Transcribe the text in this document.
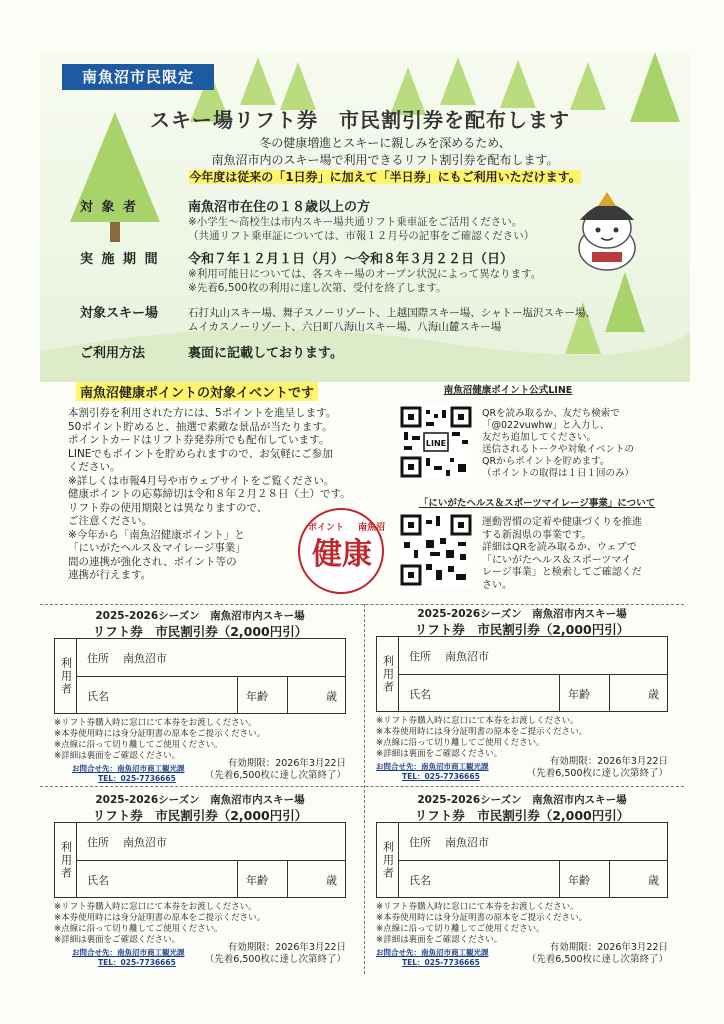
南魚沼市民限定
スキー場リフト券　市民割引券を配布します
冬の健康増進とスキーに親しみを深めるため、
南魚沼市内のスキー場で利用できるリフト割引券を配布します。
今年度は従来の「1日券」に加えて「半日券」にもご利用いただけます。
対 象 者	南魚沼市在住の１８歳以上の方
※小学生～高校生は市内スキー場共通リフト乗車証をご活用ください。
（共通リフト乗車証については、市報１２月号の記事をご確認ください）
実 施 期 間	令和７年１２月１日（月）～令和８年３月２２日（日）
※利用可能日については、各スキー場のオープン状況によって異なります。
※先着6,500枚の利用に達し次第、受付を終了します。
対象スキー場	石打丸山スキー場、舞子スノーリゾート、上越国際スキー場、シャトー塩沢スキー場、
ムイカスノーリゾート、六日町八海山スキー場、八海山麓スキー場
ご利用方法	裏面に記載しております。
南魚沼健康ポイントの対象イベントです
本割引券を利用された方には、5ポイントを進呈します。
50ポイント貯めると、抽選で素敵な景品が当たります。
ポイントカードはリフト券発券所でも配布しています。
LINEでもポイントを貯められますので、お気軽にご参加
ください。
※詳しくは市報4月号や市ウェブサイトをご覧ください。
健康ポイントの応募締切は令和８年２月２８日（土）です。
リフト券の使用期限とは異なりますので、
ご注意ください。
※今年から「南魚沼健康ポイント」と
「にいがたヘルス＆マイレージ事業」
間の連携が強化され、ポイント等の
連携が行えます。
健康
ポイント 南魚沼
南魚沼健康ポイント公式LINE
LINE
QRを読み取るか、友だち検索で
「@022vuwhw」と入力し、
友だち追加してください。
送信されるトークや対象イベントの
QRからポイントを貯めます。
（ポイントの取得は１日１回のみ）
「にいがたヘルス＆スポーツマイレージ事業」について
運動習慣の定着や健康づくりを推進
する新潟県の事業です。
詳細はQRを読み取るか、ウェブで
「にいがたヘルス＆スポーツマイ
レージ事業」と検索してご確認くだ
さい。
2025-2026シーズン　南魚沼市内スキー場
リフト券　市民割引券（2,000円引）
利用者	住所 南魚沼市
氏名	年齢	歳
※リフト券購入時に窓口にて本券をお渡しください。
※本券使用時には身分証明書の原本をご提示ください。
※点線に沿って切り離してご使用ください。
※詳細は裏面をご確認ください。
お問合せ先：南魚沼市商工観光課
TEL：025-7736665
有効期限：2026年3月22日
（先着6,500枚に達し次第終了）
2025-2026シーズン　南魚沼市内スキー場
リフト券　市民割引券（2,000円引）
利用者	住所 南魚沼市
氏名	年齢	歳
※リフト券購入時に窓口にて本券をお渡しください。
※本券使用時には身分証明書の原本をご提示ください。
※点線に沿って切り離してご使用ください。
※詳細は裏面をご確認ください。
お問合せ先：南魚沼市商工観光課
TEL：025-7736665
有効期限：2026年3月22日
（先着6,500枚に達し次第終了）
2025-2026シーズン　南魚沼市内スキー場
リフト券　市民割引券（2,000円引）
利用者	住所 南魚沼市
氏名	年齢	歳
※リフト券購入時に窓口にて本券をお渡しください。
※本券使用時には身分証明書の原本をご提示ください。
※点線に沿って切り離してご使用ください。
※詳細は裏面をご確認ください。
お問合せ先：南魚沼市商工観光課
TEL：025-7736665
有効期限：2026年3月22日
（先着6,500枚に達し次第終了）
2025-2026シーズン　南魚沼市内スキー場
リフト券　市民割引券（2,000円引）
利用者	住所 南魚沼市
氏名	年齢	歳
※リフト券購入時に窓口にて本券をお渡しください。
※本券使用時には身分証明書の原本をご提示ください。
※点線に沿って切り離してご使用ください。
※詳細は裏面をご確認ください。
お問合せ先：南魚沼市商工観光課
TEL：025-7736665
有効期限：2026年3月22日
（先着6,500枚に達し次第終了）
